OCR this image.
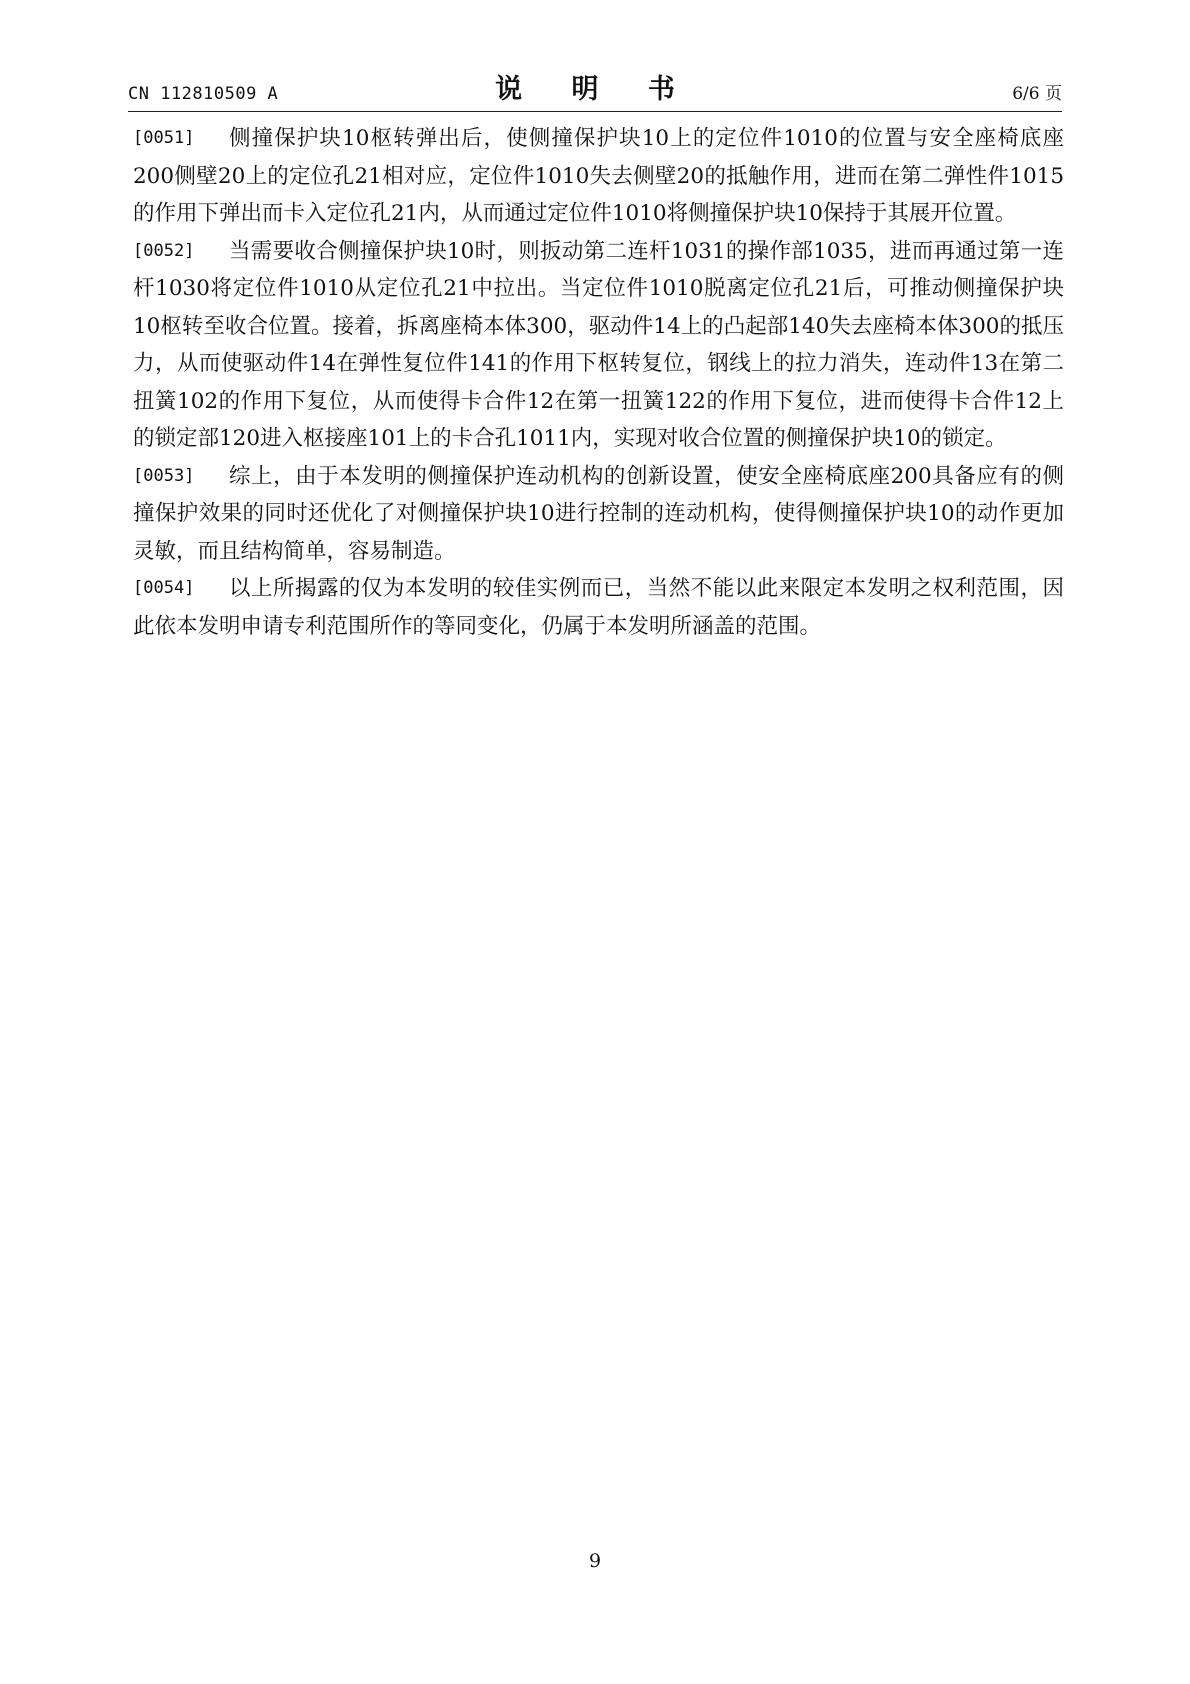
CN 112810509 A	说 明 书	6/6 页

[0051] 侧撞保护块10枢转弹出后，使侧撞保护块10上的定位件1010的位置与安全座椅底座200侧壁20上的定位孔21相对应，定位件1010失去侧壁20的抵触作用，进而在第二弹性件1015的作用下弹出而卡入定位孔21内，从而通过定位件1010将侧撞保护块10保持于其展开位置。

[0052] 当需要收合侧撞保护块10时，则扳动第二连杆1031的操作部1035，进而再通过第一连杆1030将定位件1010从定位孔21中拉出。当定位件1010脱离定位孔21后，可推动侧撞保护块10枢转至收合位置。接着，拆离座椅本体300，驱动件14上的凸起部140失去座椅本体300的抵压力，从而使驱动件14在弹性复位件141的作用下枢转复位，钢线上的拉力消失，连动件13在第二扭簧102的作用下复位，从而使得卡合件12在第一扭簧122的作用下复位，进而使得卡合件12上的锁定部120进入枢接座101上的卡合孔1011内，实现对收合位置的侧撞保护块10的锁定。

[0053] 综上，由于本发明的侧撞保护连动机构的创新设置，使安全座椅底座200具备应有的侧撞保护效果的同时还优化了对侧撞保护块10进行控制的连动机构，使得侧撞保护块10的动作更加灵敏，而且结构简单，容易制造。

[0054] 以上所揭露的仅为本发明的较佳实例而已，当然不能以此来限定本发明之权利范围，因此依本发明申请专利范围所作的等同变化，仍属于本发明所涵盖的范围。

9
